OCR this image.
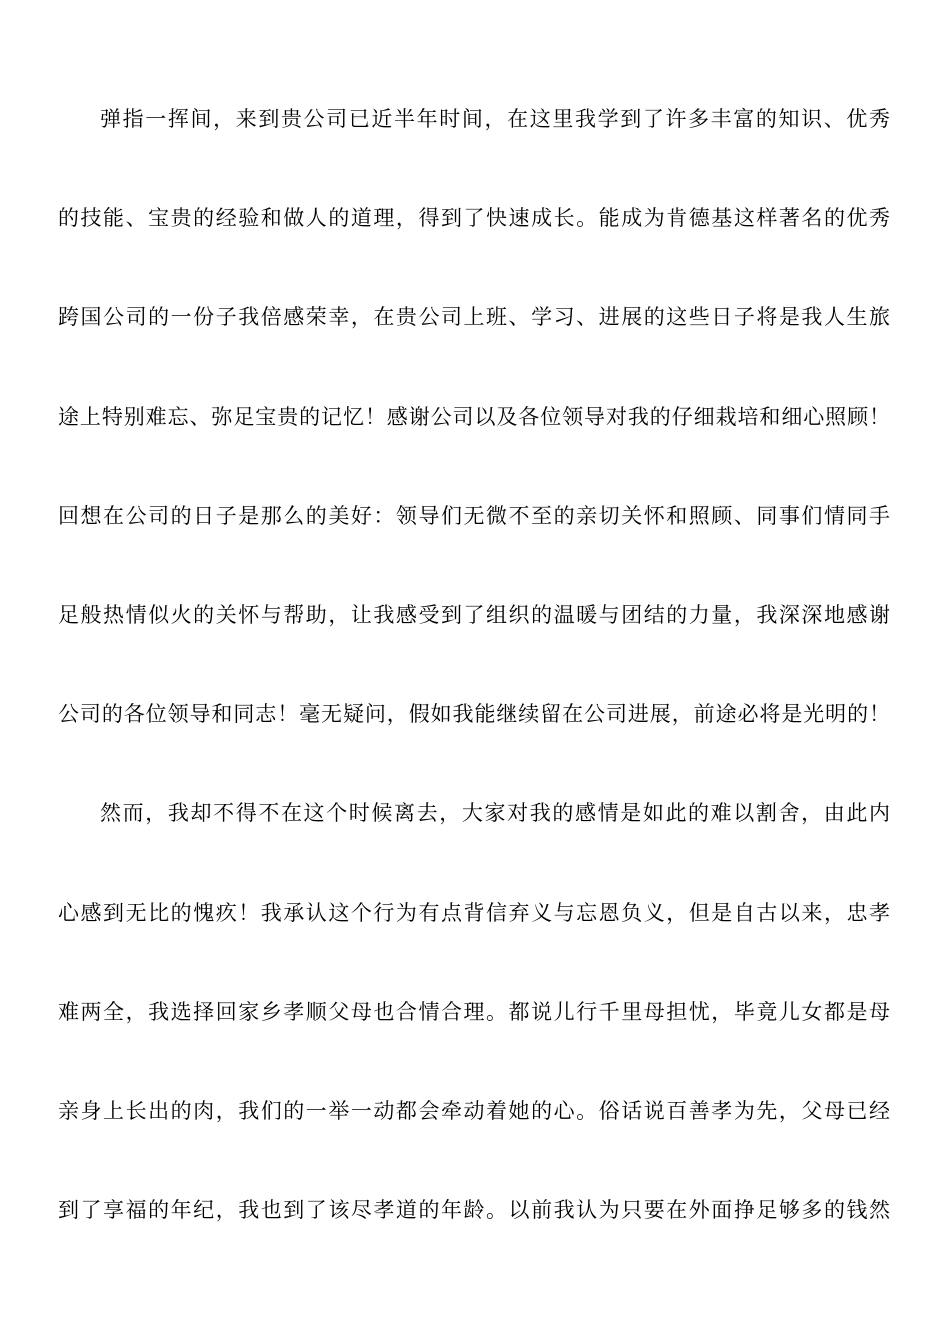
弹指一挥间，来到贵公司已近半年时间，在这里我学到了许多丰富的知识、优秀
的技能、宝贵的经验和做人的道理，得到了快速成长。能成为肯德基这样著名的优秀
跨国公司的一份子我倍感荣幸，在贵公司上班、学习、进展的这些日子将是我人生旅
途上特别难忘、弥足宝贵的记忆！感谢公司以及各位领导对我的仔细栽培和细心照顾！
回想在公司的日子是那么的美好：领导们无微不至的亲切关怀和照顾、同事们情同手
足般热情似火的关怀与帮助，让我感受到了组织的温暖与团结的力量，我深深地感谢
公司的各位领导和同志！毫无疑问，假如我能继续留在公司进展，前途必将是光明的！
然而，我却不得不在这个时候离去，大家对我的感情是如此的难以割舍，由此内
心感到无比的愧疚！我承认这个行为有点背信弃义与忘恩负义，但是自古以来，忠孝
难两全，我选择回家乡孝顺父母也合情合理。都说儿行千里母担忧，毕竟儿女都是母
亲身上长出的肉，我们的一举一动都会牵动着她的心。俗话说百善孝为先，父母已经
到了享福的年纪，我也到了该尽孝道的年龄。以前我认为只要在外面挣足够多的钱然
